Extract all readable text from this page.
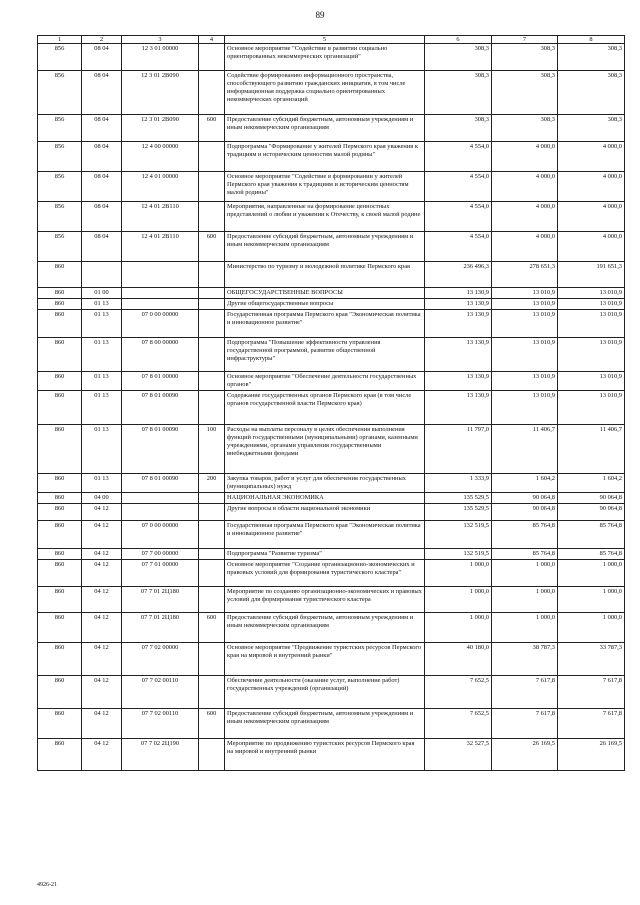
89
1	2	3	4	5	6	7	8
856	08 04	12 3 01 00000		Основное мероприятие "Содействие в развитии социально ориентированных некоммерческих организаций"	308,3	308,3	308,3
856	08 04	12 3 01 2В090		Содействие формированию информационного пространства, способствующего развитию гражданских инициатив, в том числе информационная поддержка социально ориентированных некоммерческих организаций	308,3	308,3	308,3
856	08 04	12 3 01 2В090	600	Предоставление субсидий бюджетным, автономным учреждениям и иным некоммерческим организациям	308,3	308,3	308,3
856	08 04	12 4 00 00000		Подпрограмма "Формирование у жителей Пермского края уважения к традициям и историческим ценностям малой родины"	4 554,0	4 000,0	4 000,0
856	08 04	12 4 01 00000		Основное мероприятие "Содействие в формировании у жителей Пермского края уважения к традициям и историческим ценностям малой родины"	4 554,0	4 000,0	4 000,0
856	08 04	12 4 01 2В110		Мероприятия, направленные на формирование ценностных представлений о любви и уважении к Отечеству, к своей малой родине	4 554,0	4 000,0	4 000,0
856	08 04	12 4 01 2В110	600	Предоставление субсидий бюджетным, автономным учреждениям и иным некоммерческим организациям	4 554,0	4 000,0	4 000,0
860				Министерство по туризму и молодежной политике Пермского края	236 496,3	278 651,3	191 651,3
860	01 00			ОБЩЕГОСУДАРСТВЕННЫЕ ВОПРОСЫ	13 130,9	13 010,9	13 010,9
860	01 13			Другие общегосударственные вопросы	13 130,9	13 010,9	13 010,9
860	01 13	07 0 00 00000		Государственная программа Пермского края "Экономическая политика и инновационное развитие"	13 130,9	13 010,9	13 010,9
860	01 13	07 8 00 00000		Подпрограмма "Повышение эффективности управления государственной программой, развитие общественной инфраструктуры"	13 130,9	13 010,9	13 010,9
860	01 13	07 8 01 00000		Основное мероприятие "Обеспечение деятельности государственных органов"	13 130,9	13 010,9	13 010,9
860	01 13	07 8 01 00090		Содержание государственных органов Пермского края (в том числе органов государственной власти Пермского края)	13 130,9	13 010,9	13 010,9
860	01 13	07 8 01 00090	100	Расходы на выплаты персоналу в целях обеспечения выполнения функций государственными (муниципальными) органами, казенными учреждениями, органами управления государственными внебюджетными фондами	11 797,0	11 406,7	11 406,7
860	01 13	07 8 01 00090	200	Закупка товаров, работ и услуг для обеспечения государственных (муниципальных) нужд	1 333,9	1 604,2	1 604,2
860	04 00			НАЦИОНАЛЬНАЯ ЭКОНОМИКА	135 529,5	90 064,8	90 064,8
860	04 12			Другие вопросы в области национальной экономики	135 529,5	90 064,8	90 064,8
860	04 12	07 0 00 00000		Государственная программа Пермского края "Экономическая политика и инновационное развитие"	132 519,5	85 764,8	85 764,8
860	04 12	07 7 00 00000		Подпрограмма "Развитие туризма"	132 519,5	85 764,8	85 764,8
860	04 12	07 7 01 00000		Основное мероприятие "Создание организационно-экономических и правовых условий для формирования туристического кластера"	1 000,0	1 000,0	1 000,0
860	04 12	07 7 01 2Ц180		Мероприятие по созданию организационно-экономических и правовых условий для формирования туристического кластера	1 000,0	1 000,0	1 000,0
860	04 12	07 7 01 2Ц180	600	Предоставление субсидий бюджетным, автономным учреждениям и иным некоммерческим организациям	1 000,0	1 000,0	1 000,0
860	04 12	07 7 02 00000		Основное мероприятие "Продвижение туристских ресурсов Пермского края на мировой и внутренний рынки"	40 180,0	38 787,3	33 787,3
860	04 12	07 7 02 00110		Обеспечение деятельности (оказание услуг, выполнение работ) государственных учреждений (организаций)	7 652,5	7 617,8	7 617,8
860	04 12	07 7 02 00110	600	Предоставление субсидий бюджетным, автономным учреждениям и иным некоммерческим организациям	7 652,5	7 617,8	7 617,8
860	04 12	07 7 02 2Ц190		Мероприятие по продвижению туристских ресурсов Пермского края на мировой и внутренний рынки	32 527,5	26 169,5	26 169,5
4926-21
